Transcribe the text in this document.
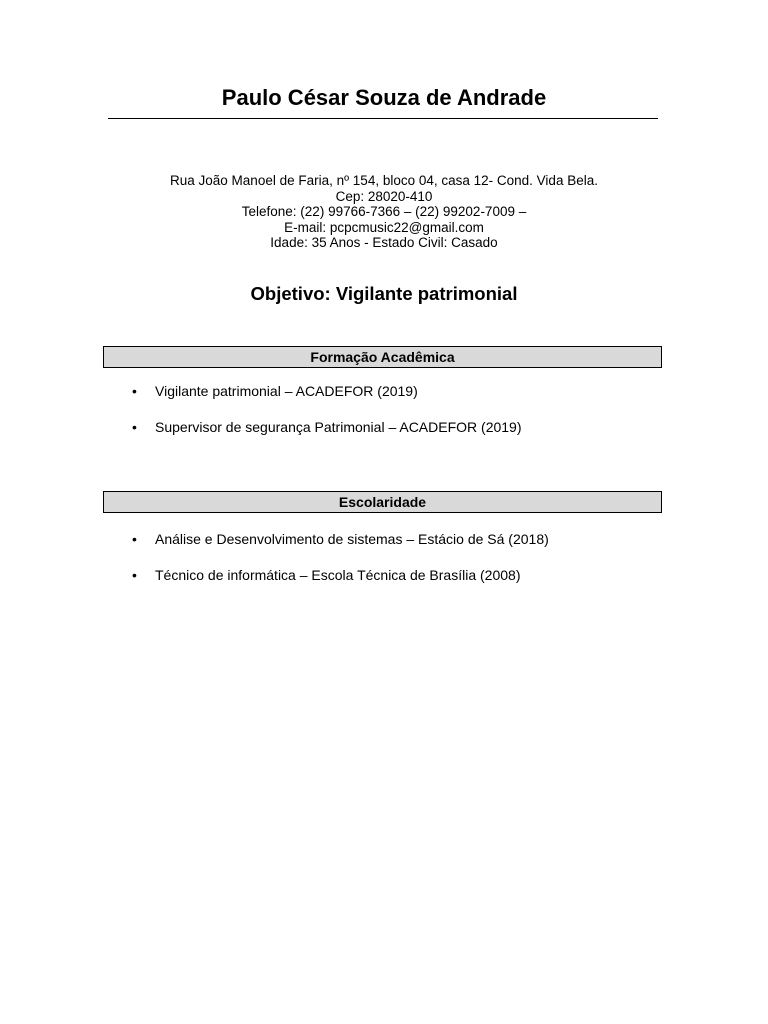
Paulo César Souza de Andrade
Rua João Manoel de Faria, nº 154, bloco 04, casa 12- Cond. Vida Bela.
Cep: 28020-410
Telefone: (22) 99766-7366 – (22) 99202-7009 –
E-mail: pcpcmusic22@gmail.com
Idade: 35 Anos - Estado Civil: Casado
Objetivo: Vigilante patrimonial
Formação Acadêmica
•	Vigilante patrimonial – ACADEFOR (2019)
•	Supervisor de segurança Patrimonial – ACADEFOR (2019)
Escolaridade
•	Análise e Desenvolvimento de sistemas – Estácio de Sá (2018)
•	Técnico de informática – Escola Técnica de Brasília (2008)
